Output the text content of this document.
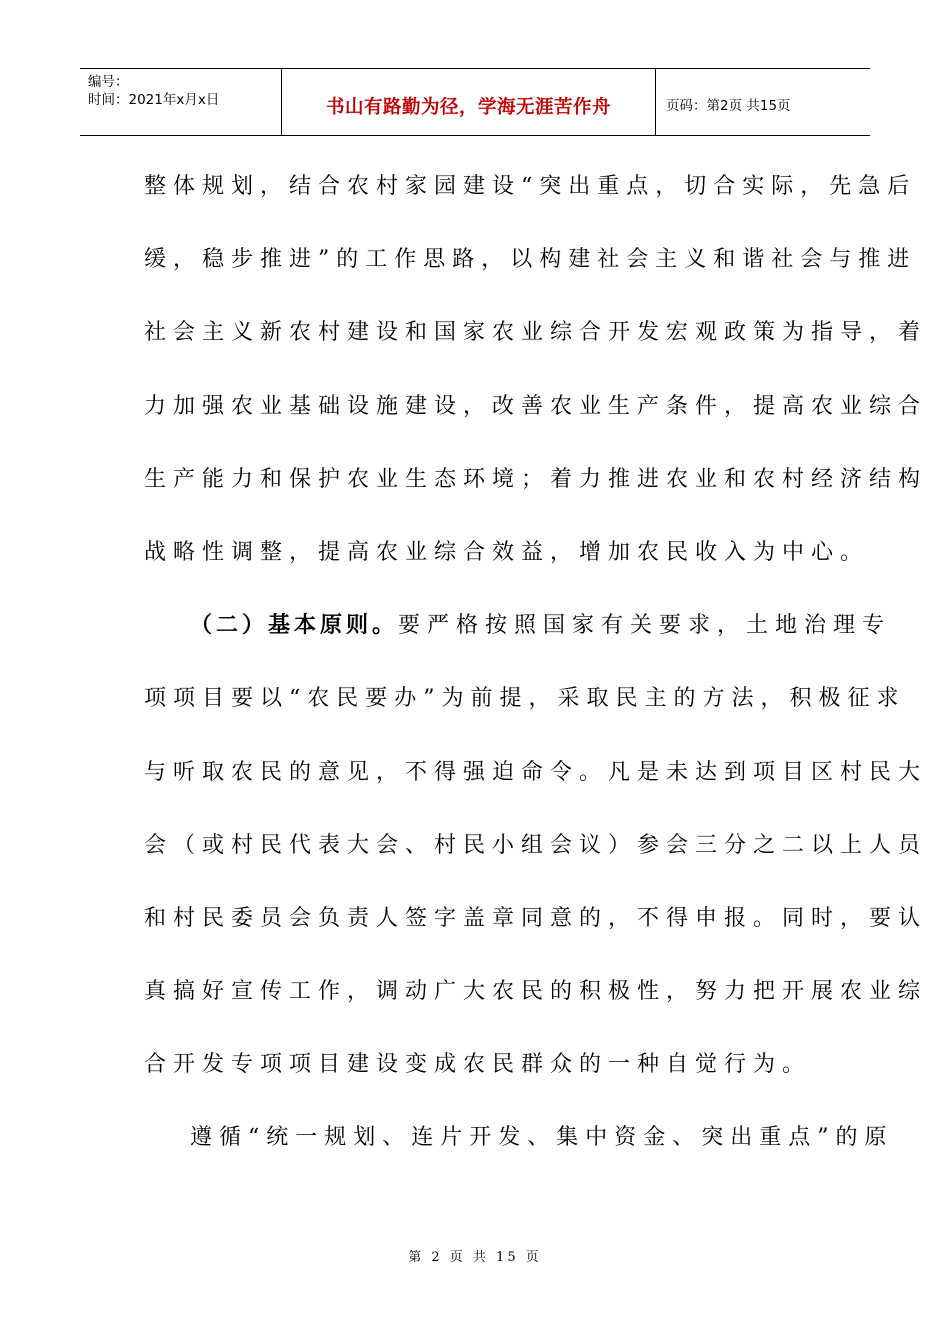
编号：
时间：2021年x月x日	书山有路勤为径，学海无涯苦作舟	页码：第2页 共15页
整体规划，结合农村家园建设“突出重点，切合实际，先急后
缓，稳步推进”的工作思路，以构建社会主义和谐社会与推进
社会主义新农村建设和国家农业综合开发宏观政策为指导，着
力加强农业基础设施建设，改善农业生产条件，提高农业综合
生产能力和保护农业生态环境；着力推进农业和农村经济结构
战略性调整，提高农业综合效益，增加农民收入为中心。
（二）基本原则。要严格按照国家有关要求，土地治理专
项项目要以“农民要办”为前提，采取民主的方法，积极征求
与听取农民的意见，不得强迫命令。凡是未达到项目区村民大
会（或村民代表大会、村民小组会议）参会三分之二以上人员
和村民委员会负责人签字盖章同意的，不得申报。同时，要认
真搞好宣传工作，调动广大农民的积极性，努力把开展农业综
合开发专项项目建设变成农民群众的一种自觉行为。
遵循“统一规划、连片开发、集中资金、突出重点”的原
第 2 页 共 15 页
